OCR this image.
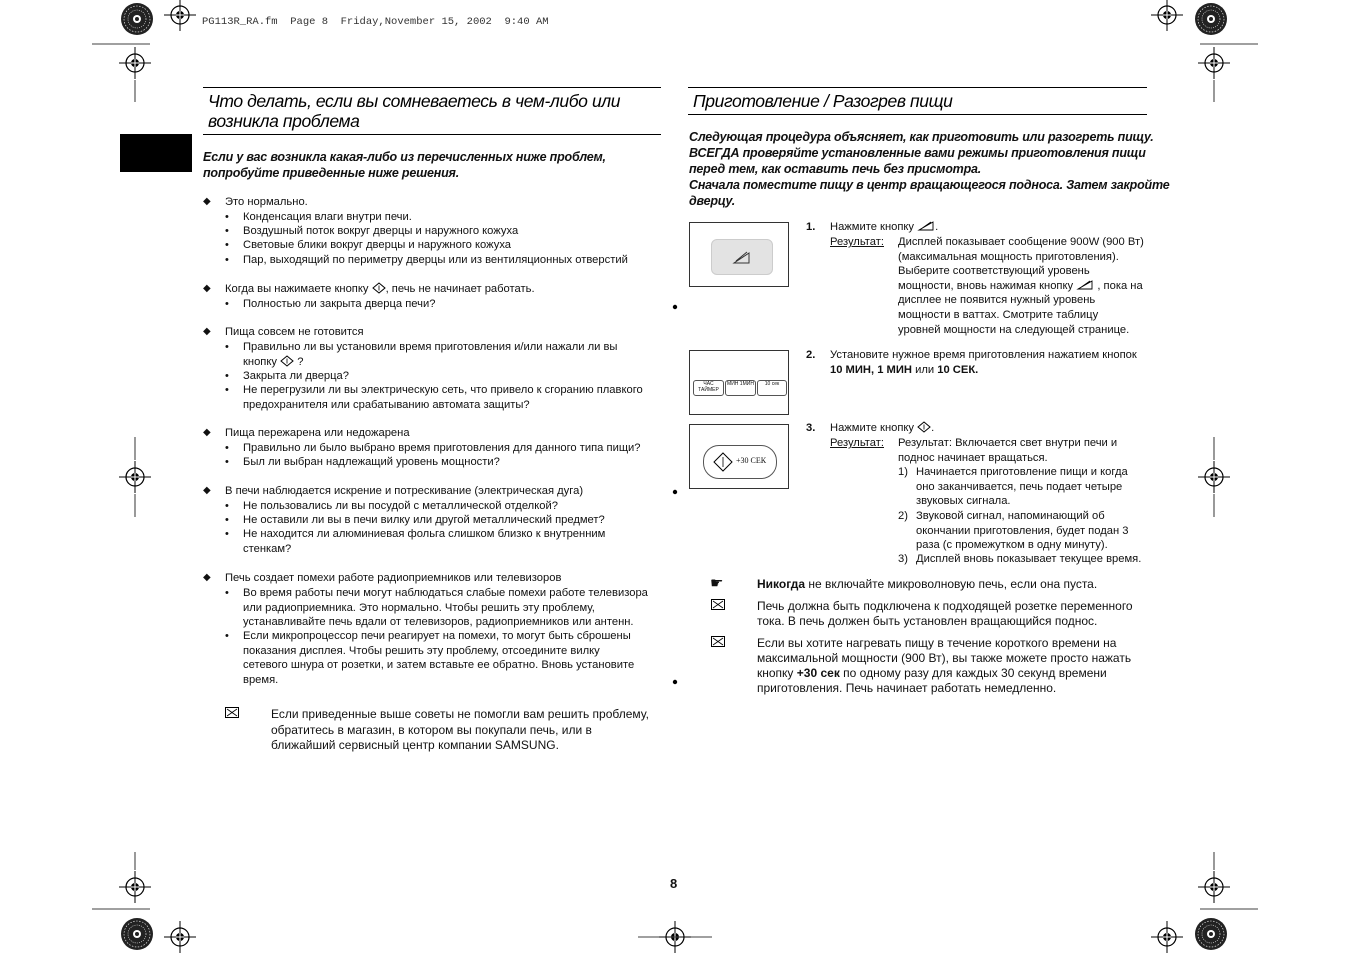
PG113R_RA.fm  Page 8  Friday,November 15, 2002  9:40 AM
Что делать, если вы сомневаетесь в чем-либо или
возникла проблема
Если у вас возникла какая-либо из перечисленных ниже проблем,
попробуйте приведенные ниже решения.
◆ Это нормально.
• Конденсация влаги внутри печи.
• Воздушный поток вокруг дверцы и наружного кожуха
• Световые блики вокруг дверцы и наружного кожуха
• Пар, выходящий по периметру дверцы или из вентиляционных отверстий
◆ Когда вы нажимаете кнопку , печь не начинает работать.
• Полностью ли закрыта дверца печи?
◆ Пища совсем не готовится
• Правильно ли вы установили время приготовления и/или нажали ли вы
кнопку ?
• Закрыта ли дверца?
• Не перегрузили ли вы электрическую сеть, что привело к сгоранию плавкого
предохранителя или срабатыванию автомата защиты?
◆ Пища пережарена или недожарена
• Правильно ли было выбрано время приготовления для данного типа пищи?
• Был ли выбран надлежащий уровень мощности?
◆ В печи наблюдается искрение и потрескивание (электрическая дуга)
• Не пользовались ли вы посудой с металлической отделкой?
• Не оставили ли вы в печи вилку или другой металлический предмет?
• Не находится ли алюминиевая фольга слишком близко к внутренним
стенкам?
◆ Печь создает помехи работе радиоприемников или телевизоров
• Во время работы печи могут наблюдаться слабые помехи работе телевизора
или радиоприемника. Это нормально. Чтобы решить эту проблему,
устанавливайте печь вдали от телевизоров, радиоприемников или антенн.
• Если микропроцессор печи реагирует на помехи, то могут быть сброшены
показания дисплея. Чтобы решить эту проблему, отсоедините вилку
сетевого шнура от розетки, и затем вставьте ее обратно. Вновь установите
время.
Если приведенные выше советы не помогли вам решить проблему,
обратитесь в магазин, в котором вы покупали печь, или в
ближайший сервисный центр компании SAMSUNG.
Приготовление / Разогрев пищи
Следующая процедура объясняет, как приготовить или разогреть пищу.
ВСЕГДА проверяйте установленные вами режимы приготовления пищи
перед тем, как оставить печь без присмотра.
Сначала поместите пищу в центр вращающегося подноса. Затем закройте
дверцу.
ЧАС ТАЙМЕР
МИН 1МИН	10 сек
+30 СЕК
1. Нажмите кнопку .
Результат: Дисплей показывает сообщение 900W (900 Вт)
(максимальная мощность приготовления).
Выберите соответствующий уровень
мощности, вновь нажимая кнопку , пока на
дисплее не появится нужный уровень
мощности в ваттах. Смотрите таблицу
уровней мощности на следующей странице.
2. Установите нужное время приготовления нажатием кнопок
10 МИН, 1 МИН или 10 СЕК.
3. Нажмите кнопку .
Результат: Результат: Включается свет внутри печи и
поднос начинает вращаться.
1) Начинается приготовление пищи и когда
оно заканчивается, печь подает четыре
звуковых сигнала.
2) Звуковой сигнал, напоминающий об
окончании приготовления, будет подан 3
раза (с промежутком в одну минуту).
3) Дисплей вновь показывает текущее время.
☛	Никогда не включайте микроволновую печь, если она пуста.
Печь должна быть подключена к подходящей розетке переменного
тока. В печь должен быть установлен вращающийся поднос.
Если вы хотите нагревать пищу в течение короткого времени на
максимальной мощности (900 Вт), вы также можете просто нажать
кнопку +30 сек по одному разу для каждых 30 секунд времени
приготовления. Печь начинает работать немедленно.
8
